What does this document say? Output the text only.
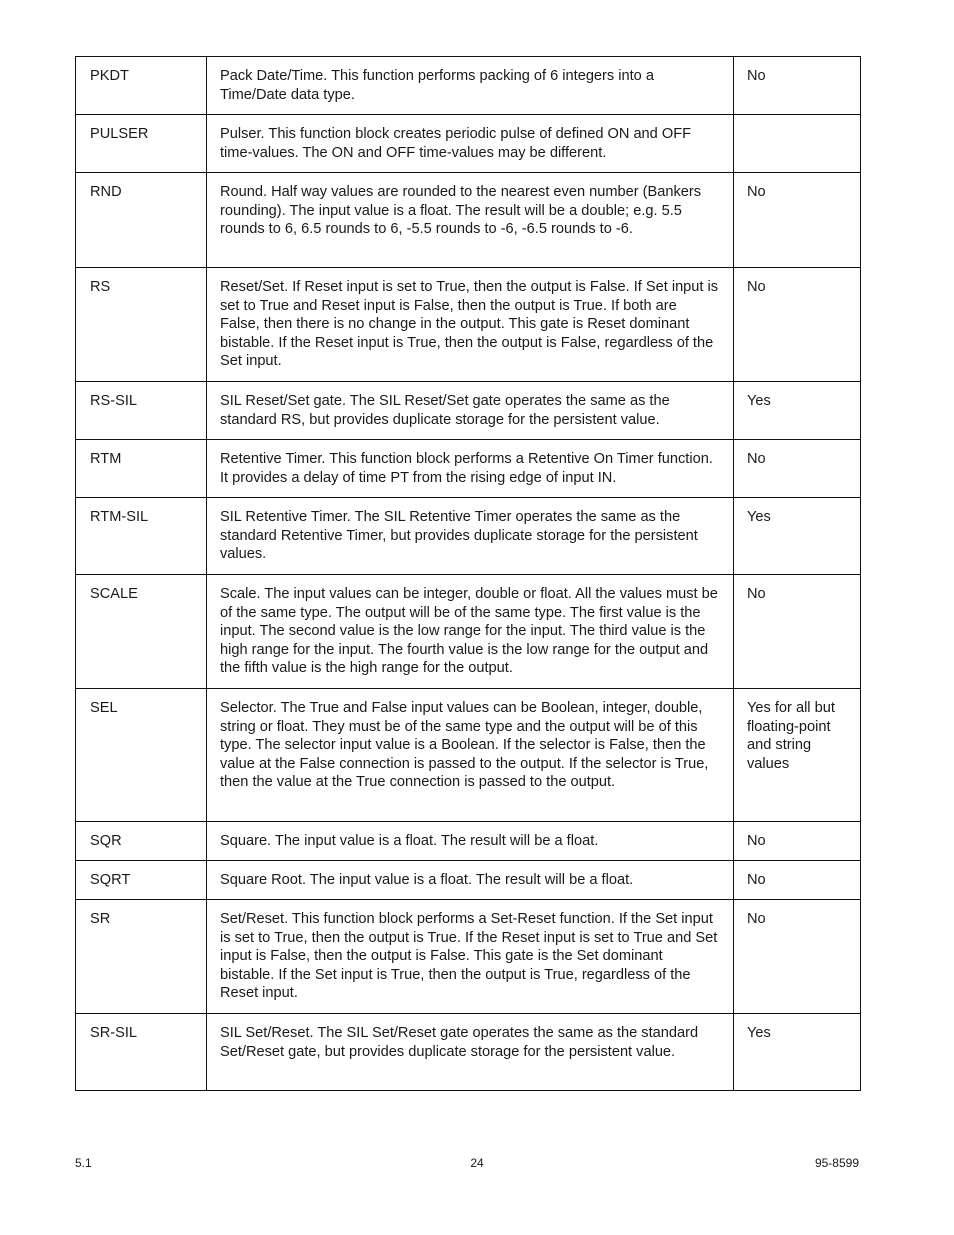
PKDT	Pack Date/Time. This function performs packing of 6 integers into a Time/Date data type.	No
PULSER	Pulser. This function block creates periodic pulse of defined ON and OFF time-values. The ON and OFF time-values may be different.	
RND	Round. Half way values are rounded to the nearest even number (Bankers rounding). The input value is a float. The result will be a double; e.g. 5.5 rounds to 6, 6.5 rounds to 6, -5.5 rounds to -6, -6.5 rounds to -6.	No
RS	Reset/Set. If Reset input is set to True, then the output is False. If Set input is set to True and Reset input is False, then the output is True. If both are False, then there is no change in the output. This gate is Reset dominant bistable. If the Reset input is True, then the output is False, regardless of the Set input.	No
RS-SIL	SIL Reset/Set gate. The SIL Reset/Set gate operates the same as the standard RS, but provides duplicate storage for the persistent value.	Yes
RTM	Retentive Timer. This function block performs a Retentive On Timer function. It provides a delay of time PT from the rising edge of input IN.	No
RTM-SIL	SIL Retentive Timer. The SIL Retentive Timer operates the same as the standard Retentive Timer, but provides duplicate storage for the persistent values.	Yes
SCALE	Scale. The input values can be integer, double or float. All the values must be of the same type. The output will be of the same type. The first value is the input. The second value is the low range for the input. The third value is the high range for the input. The fourth value is the low range for the output and the fifth value is the high range for the output.	No
SEL	Selector. The True and False input values can be Boolean, integer, double, string or float. They must be of the same type and the output will be of this type. The selector input value is a Boolean. If the selector is False, then the value at the False connection is passed to the output. If the selector is True, then the value at the True connection is passed to the output.	Yes for all but floating-point and string values
SQR	Square. The input value is a float. The result will be a float.	No
SQRT	Square Root. The input value is a float. The result will be a float.	No
SR	Set/Reset. This function block performs a Set-Reset function. If the Set input is set to True, then the output is True. If the Reset input is set to True and Set input is False, then the output is False. This gate is the Set dominant bistable. If the Set input is True, then the output is True, regardless of the Reset input.	No
SR-SIL	SIL Set/Reset. The SIL Set/Reset gate operates the same as the standard Set/Reset gate, but provides duplicate storage for the persistent value.	Yes
5.1	24	95-8599
